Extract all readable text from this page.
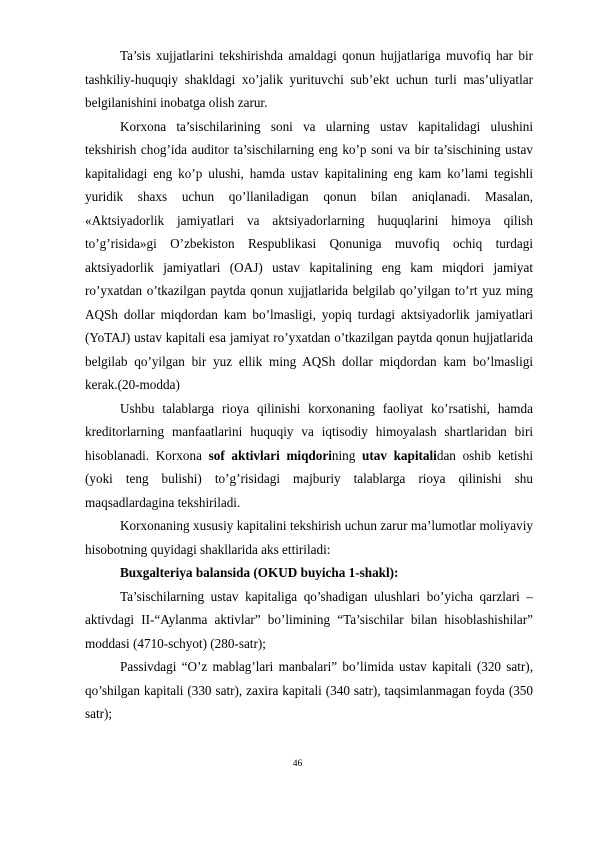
Ta’sis xujjatlarini tekshirishda amaldagi qonun hujjatlariga muvofiq har bir tashkiliy-huquqiy shakldagi xo’jalik yurituvchi sub’ekt uchun turli mas’uliyatlar belgilanishini inobatga olish zarur.

Korxona ta’sischilarining soni va ularning ustav kapitalidagi ulushini tekshirish chog’ida auditor ta’sischilarning eng ko’p soni va bir ta’sischining ustav kapitalidagi eng ko’p ulushi, hamda ustav kapitalining eng kam ko’lami tegishli yuridik shaxs uchun qo’llaniladigan qonun bilan aniqlanadi. Masalan, «Aktsiyadorlik jamiyatlari va aktsiyadorlarning huquqlarini himoya qilish to’g’risida»gi O’zbekiston Respublikasi Qonuniga muvofiq ochiq turdagi aktsiyadorlik jamiyatlari (OAJ) ustav kapitalining eng kam miqdori jamiyat ro’yxatdan o’tkazilgan paytda qonun xujjatlarida belgilab qo’yilgan to’rt yuz ming AQSh dollar miqdordan kam bo’lmasligi, yopiq turdagi aktsiyadorlik jamiyatlari (YoTAJ) ustav kapitali esa jamiyat ro’yxatdan o’tkazilgan paytda qonun hujjatlarida belgilab qo’yilgan bir yuz ellik ming AQSh dollar miqdordan kam bo’lmasligi kerak.(20-modda)

Ushbu talablarga rioya qilinishi korxonaning faoliyat ko’rsatishi, hamda kreditorlarning manfaatlarini huquqiy va iqtisodiy himoyalash shartlaridan biri hisoblanadi. Korxona sof aktivlari miqdorining utav kapitalidan oshib ketishi (yoki teng bulishi) to’g’risidagi majburiy talablarga rioya qilinishi shu maqsadlardagina tekshiriladi.

Korxonaning xususiy kapitalini tekshirish uchun zarur ma’lumotlar moliyaviy hisobotning quyidagi shakllarida aks ettiriladi:

Buxgalteriya balansida (OKUD buyicha 1-shakl):

Ta’sischilarning ustav kapitaliga qo’shadigan ulushlari bo’yicha qarzlari – aktivdagi II-“Aylanma aktivlar” bo’limining “Ta’sischilar bilan hisoblashishilar” moddasi (4710-schyot) (280-satr);

Passivdagi “O’z mablag’lari manbalari” bo’limida ustav kapitali (320 satr), qo’shilgan kapitali (330 satr), zaxira kapitali (340 satr), taqsimlanmagan foyda (350 satr);

46
